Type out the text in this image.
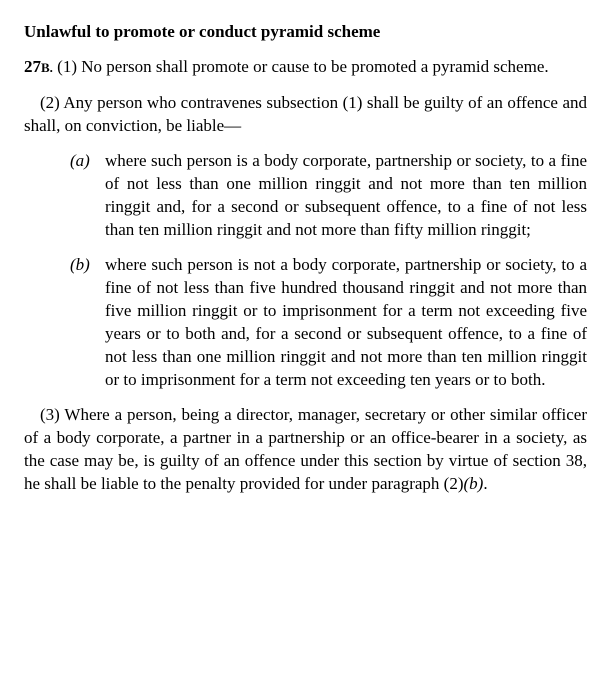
Unlawful to promote or conduct pyramid scheme

27B. (1) No person shall promote or cause to be promoted a pyramid scheme.

(2) Any person who contravenes subsection (1) shall be guilty of an offence and shall, on conviction, be liable—

(a) where such person is a body corporate, partnership or society, to a fine of not less than one million ringgit and not more than ten million ringgit and, for a second or subsequent offence, to a fine of not less than ten million ringgit and not more than fifty million ringgit;
(b) where such person is not a body corporate, partnership or society, to a fine of not less than five hundred thousand ringgit and not more than five million ringgit or to imprisonment for a term not exceeding five years or to both and, for a second or subsequent offence, to a fine of not less than one million ringgit and not more than ten million ringgit or to imprisonment for a term not exceeding ten years or to both.

(3) Where a person, being a director, manager, secretary or other similar officer of a body corporate, a partner in a partnership or an office-bearer in a society, as the case may be, is guilty of an offence under this section by virtue of section 38, he shall be liable to the penalty provided for under paragraph (2)(b).
